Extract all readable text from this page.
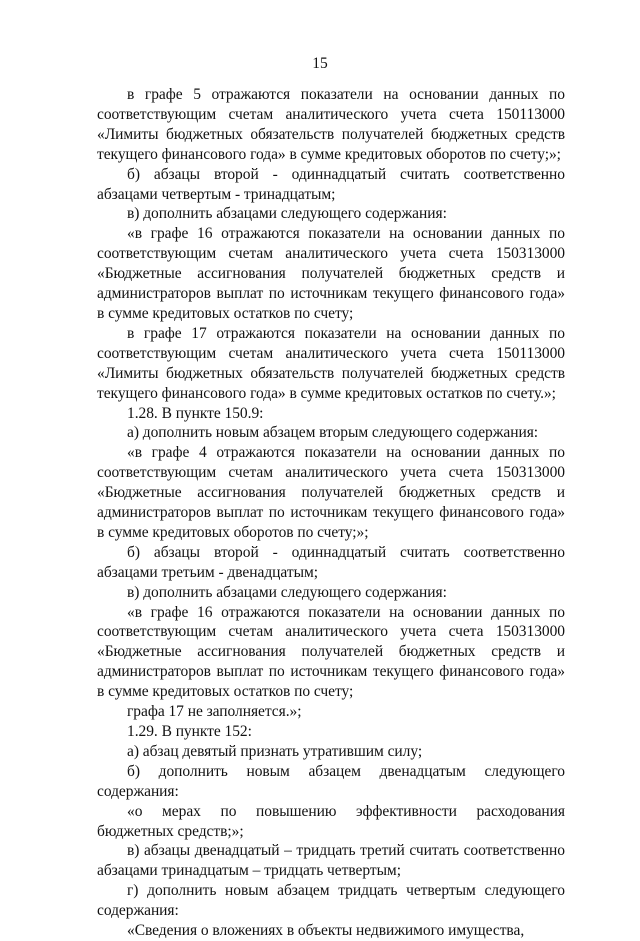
15

в графе 5 отражаются показатели на основании данных по соответствующим счетам аналитического учета счета 150113000 «Лимиты бюджетных обязательств получателей бюджетных средств текущего финансового года» в сумме кредитовых оборотов по счету;»;

б) абзацы второй - одиннадцатый считать соответственно абзацами четвертым - тринадцатым;

в) дополнить абзацами следующего содержания:

«в графе 16 отражаются показатели на основании данных по соответствующим счетам аналитического учета счета 150313000 «Бюджетные ассигнования получателей бюджетных средств и администраторов выплат по источникам текущего финансового года» в сумме кредитовых остатков по счету;

в графе 17 отражаются показатели на основании данных по соответствующим счетам аналитического учета счета 150113000 «Лимиты бюджетных обязательств получателей бюджетных средств текущего финансового года» в сумме кредитовых остатков по счету.»;

1.28. В пункте 150.9:

а) дополнить новым абзацем вторым следующего содержания:

«в графе 4 отражаются показатели на основании данных по соответствующим счетам аналитического учета счета 150313000 «Бюджетные ассигнования получателей бюджетных средств и администраторов выплат по источникам текущего финансового года» в сумме кредитовых оборотов по счету;»;

б) абзацы второй - одиннадцатый считать соответственно абзацами третьим - двенадцатым;

в) дополнить абзацами следующего содержания:

«в графе 16 отражаются показатели на основании данных по соответствующим счетам аналитического учета счета 150313000 «Бюджетные ассигнования получателей бюджетных средств и администраторов выплат по источникам текущего финансового года» в сумме кредитовых остатков по счету;

графа 17 не заполняется.»;

1.29. В пункте 152:

а) абзац девятый признать утратившим силу;

б) дополнить новым абзацем двенадцатым следующего содержания:

«о мерах по повышению эффективности расходования бюджетных средств;»;

в) абзацы двенадцатый – тридцать третий считать соответственно абзацами тринадцатым – тридцать четвертым;

г) дополнить новым абзацем тридцать четвертым следующего содержания:

«Сведения о вложениях в объекты недвижимого имущества,
